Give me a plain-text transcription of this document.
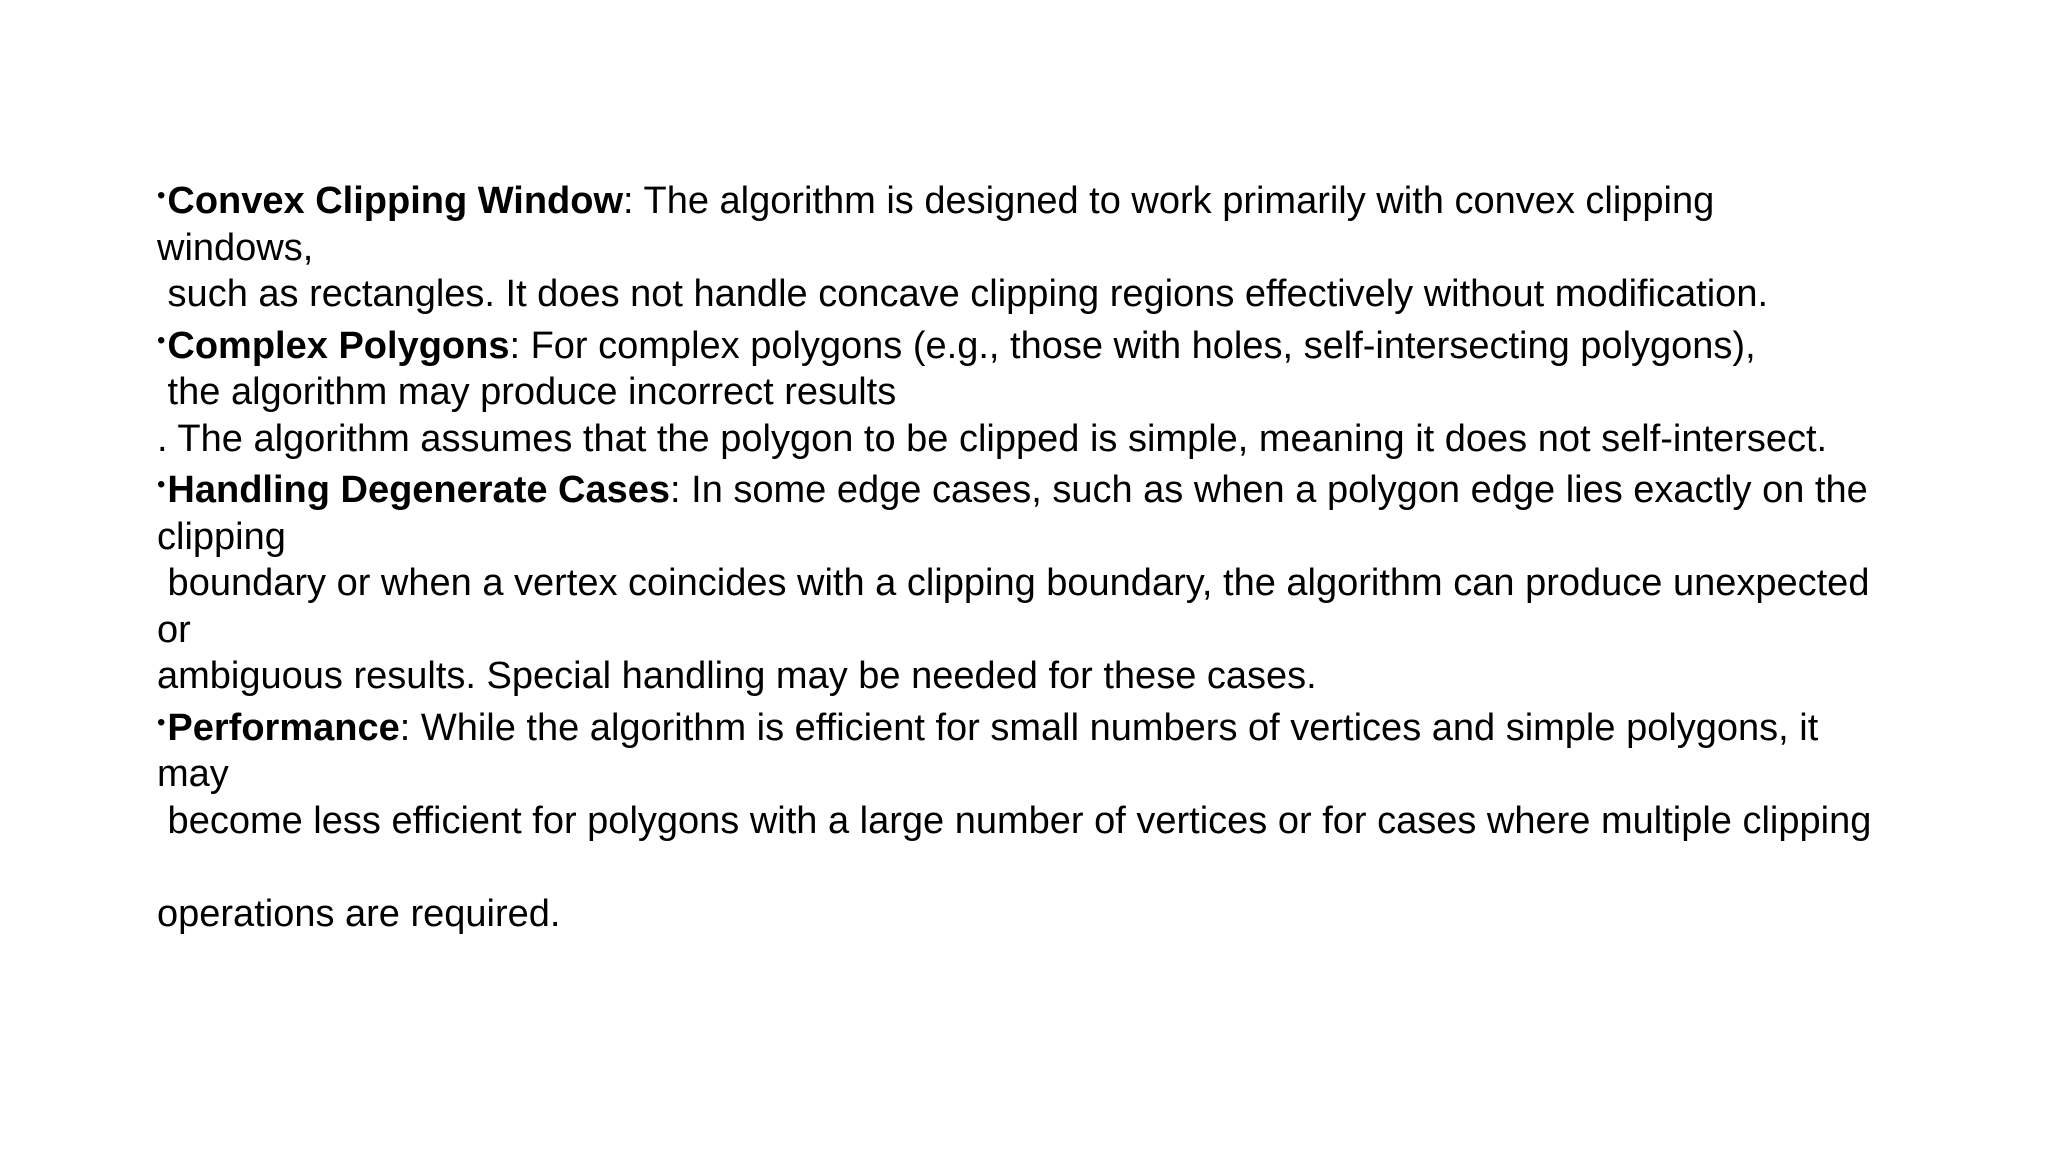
•Convex Clipping Window: The algorithm is designed to work primarily with convex clipping
windows,
such as rectangles. It does not handle concave clipping regions effectively without modification.
•Complex Polygons: For complex polygons (e.g., those with holes, self-intersecting polygons),
the algorithm may produce incorrect results
. The algorithm assumes that the polygon to be clipped is simple, meaning it does not self-intersect.
•Handling Degenerate Cases: In some edge cases, such as when a polygon edge lies exactly on the
clipping
boundary or when a vertex coincides with a clipping boundary, the algorithm can produce unexpected
or
ambiguous results. Special handling may be needed for these cases.
•Performance: While the algorithm is efficient for small numbers of vertices and simple polygons, it
may
become less efficient for polygons with a large number of vertices or for cases where multiple clipping
operations are required.
